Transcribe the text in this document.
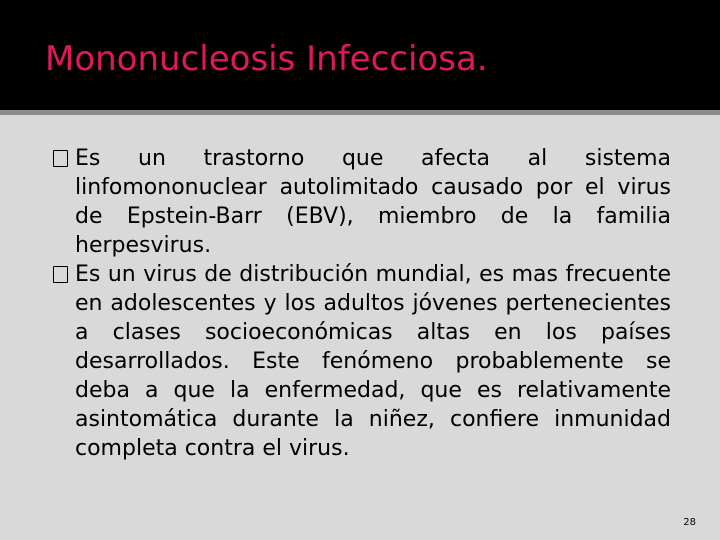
Mononucleosis Infecciosa.
Es un trastorno que afecta al sistema linfomononuclear autolimitado causado por el virus de Epstein-Barr (EBV), miembro de la familia herpesvirus.
Es un virus de distribución mundial, es mas frecuente en adolescentes y los adultos jóvenes pertenecientes a clases socioeconómicas altas en los países desarrollados. Este fenómeno probablemente se deba a que la enfermedad, que es relativamente asintomática durante la niñez, confiere inmunidad completa contra el virus.
28
